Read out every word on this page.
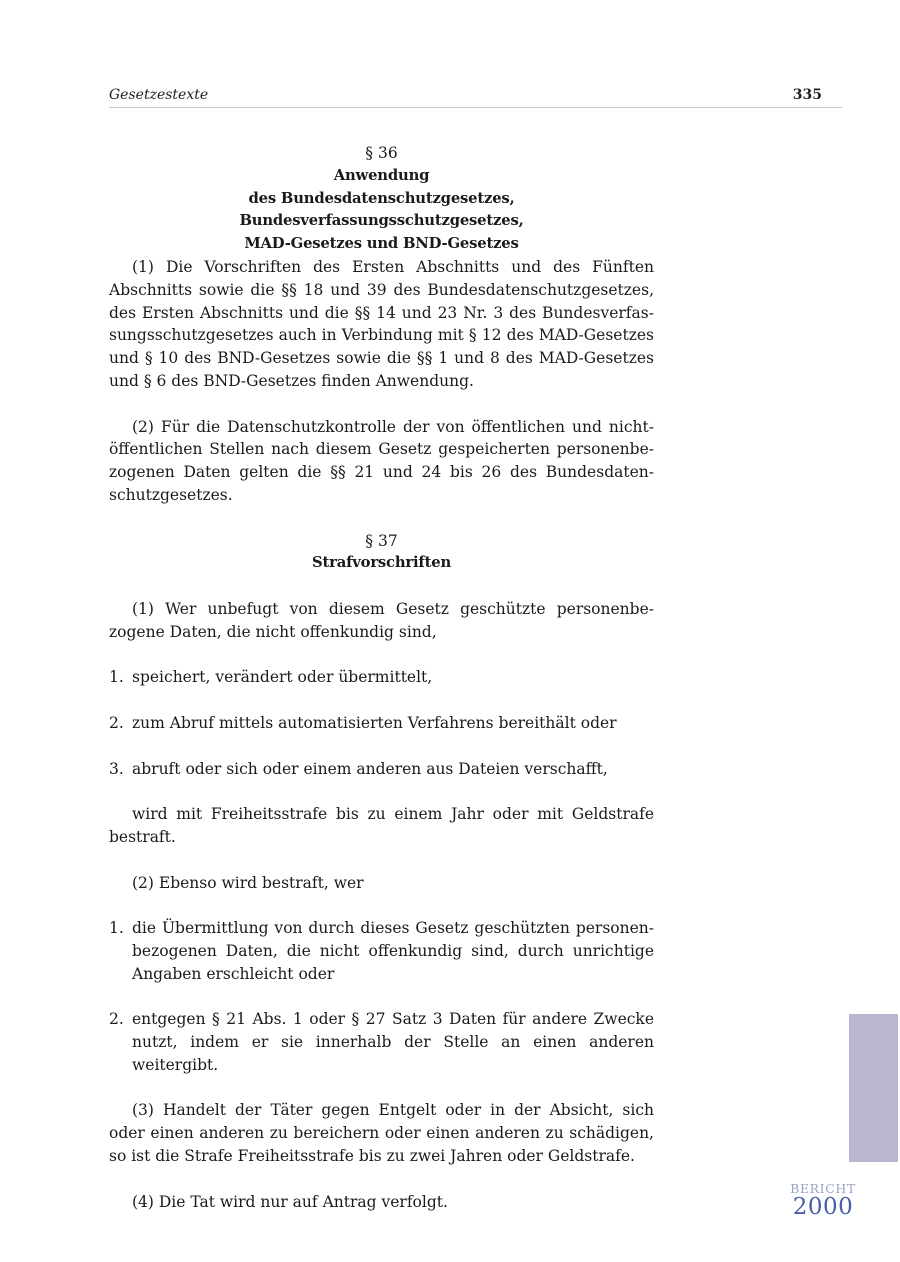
Gesetzestexte	335
§ 36
Anwendung
des Bundesdatenschutzgesetzes,
Bundesverfassungsschutzgesetzes,
MAD-Gesetzes und BND-Gesetzes

(1) Die Vorschriften des Ersten Abschnitts und des Fünften Abschnitts sowie die §§ 18 und 39 des Bundesdatenschutzgesetzes, des Ersten Abschnitts und die §§ 14 und 23 Nr. 3 des Bundesverfassungsschutzgesetzes auch in Verbindung mit § 12 des MAD-Gesetzes und § 10 des BND-Gesetzes sowie die §§ 1 und 8 des MAD-Gesetzes und § 6 des BND-Gesetzes finden Anwendung.

(2) Für die Datenschutzkontrolle der von öffentlichen und nicht-öffentlichen Stellen nach diesem Gesetz gespeicherten personenbezogenen Daten gelten die §§ 21 und 24 bis 26 des Bundesdatenschutzgesetzes.

§ 37
Strafvorschriften

(1) Wer unbefugt von diesem Gesetz geschützte personenbezogene Daten, die nicht offenkundig sind,

1. speichert, verändert oder übermittelt,
2. zum Abruf mittels automatisierten Verfahrens bereithält oder
3. abruft oder sich oder einem anderen aus Dateien verschafft,

wird mit Freiheitsstrafe bis zu einem Jahr oder mit Geldstrafe bestraft.

(2) Ebenso wird bestraft, wer

1. die Übermittlung von durch dieses Gesetz geschützten personenbezogenen Daten, die nicht offenkundig sind, durch unrichtige Angaben erschleicht oder
2. entgegen § 21 Abs. 1 oder § 27 Satz 3 Daten für andere Zwecke nutzt, indem er sie innerhalb der Stelle an einen anderen weitergibt.

(3) Handelt der Täter gegen Entgelt oder in der Absicht, sich oder einen anderen zu bereichern oder einen anderen zu schädigen, so ist die Strafe Freiheitsstrafe bis zu zwei Jahren oder Geldstrafe.

(4) Die Tat wird nur auf Antrag verfolgt.

BERICHT
2000
